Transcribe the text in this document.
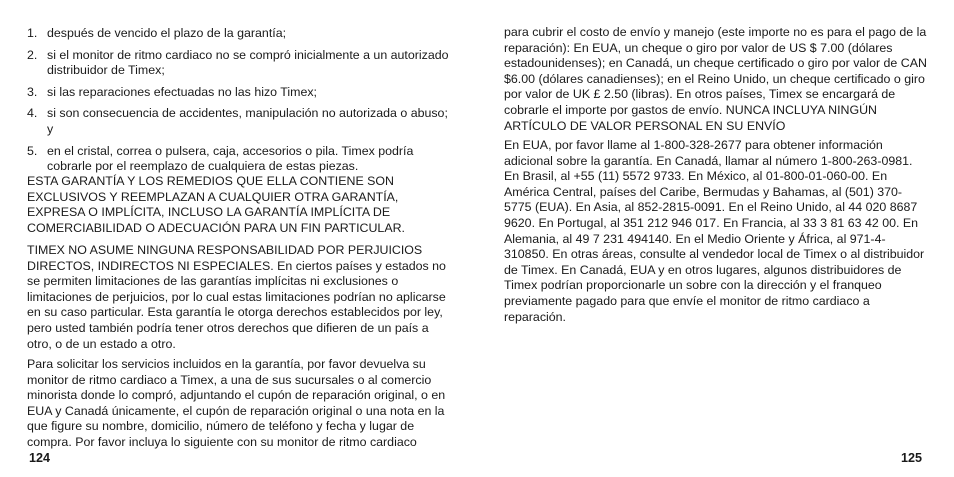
1. después de vencido el plazo de la garantía;
2. si el monitor de ritmo cardiaco no se compró inicialmente a un autorizado distribuidor de Timex;
3. si las reparaciones efectuadas no las hizo Timex;
4. si son consecuencia de accidentes, manipulación no autorizada o abuso; y
5. en el cristal, correa o pulsera, caja, accesorios o pila. Timex podría cobrarle por el reemplazo de cualquiera de estas piezas.

ESTA GARANTÍA Y LOS REMEDIOS QUE ELLA CONTIENE SON EXCLUSIVOS Y REEMPLAZAN A CUALQUIER OTRA GARANTÍA, EXPRESA O IMPLÍCITA, INCLUSO LA GARANTÍA IMPLÍCITA DE COMERCIABILIDAD O ADECUACIÓN PARA UN FIN PARTICULAR.

TIMEX NO ASUME NINGUNA RESPONSABILIDAD POR PERJUICIOS DIRECTOS, INDIRECTOS NI ESPECIALES. En ciertos países y estados no se permiten limitaciones de las garantías implícitas ni exclusiones o limitaciones de perjuicios, por lo cual estas limitaciones podrían no aplicarse en su caso particular. Esta garantía le otorga derechos establecidos por ley, pero usted también podría tener otros derechos que difieren de un país a otro, o de un estado a otro.

Para solicitar los servicios incluidos en la garantía, por favor devuelva su monitor de ritmo cardiaco a Timex, a una de sus sucursales o al comercio minorista donde lo compró, adjuntando el cupón de reparación original, o en EUA y Canadá únicamente, el cupón de reparación original o una nota en la que figure su nombre, domicilio, número de teléfono y fecha y lugar de compra. Por favor incluya lo siguiente con su monitor de ritmo cardiaco

124

para cubrir el costo de envío y manejo (este importe no es para el pago de la reparación): En EUA, un cheque o giro por valor de US $ 7.00 (dólares estadounidenses); en Canadá, un cheque certificado o giro por valor de CAN $6.00 (dólares canadienses); en el Reino Unido, un cheque certificado o giro por valor de UK £ 2.50 (libras). En otros países, Timex se encargará de cobrarle el importe por gastos de envío. NUNCA INCLUYA NINGÚN ARTÍCULO DE VALOR PERSONAL EN SU ENVÍO

En EUA, por favor llame al 1-800-328-2677 para obtener información adicional sobre la garantía. En Canadá, llamar al número 1-800-263-0981. En Brasil, al +55 (11) 5572 9733. En México, al 01-800-01-060-00. En América Central, países del Caribe, Bermudas y Bahamas, al (501) 370-5775 (EUA). En Asia, al 852-2815-0091. En el Reino Unido, al 44 020 8687 9620. En Portugal, al 351 212 946 017. En Francia, al 33 3 81 63 42 00. En Alemania, al 49 7 231 494140. En el Medio Oriente y África, al 971-4-310850. En otras áreas, consulte al vendedor local de Timex o al distribuidor de Timex. En Canadá, EUA y en otros lugares, algunos distribuidores de Timex podrían proporcionarle un sobre con la dirección y el franqueo previamente pagado para que envíe el monitor de ritmo cardiaco a reparación.

125
